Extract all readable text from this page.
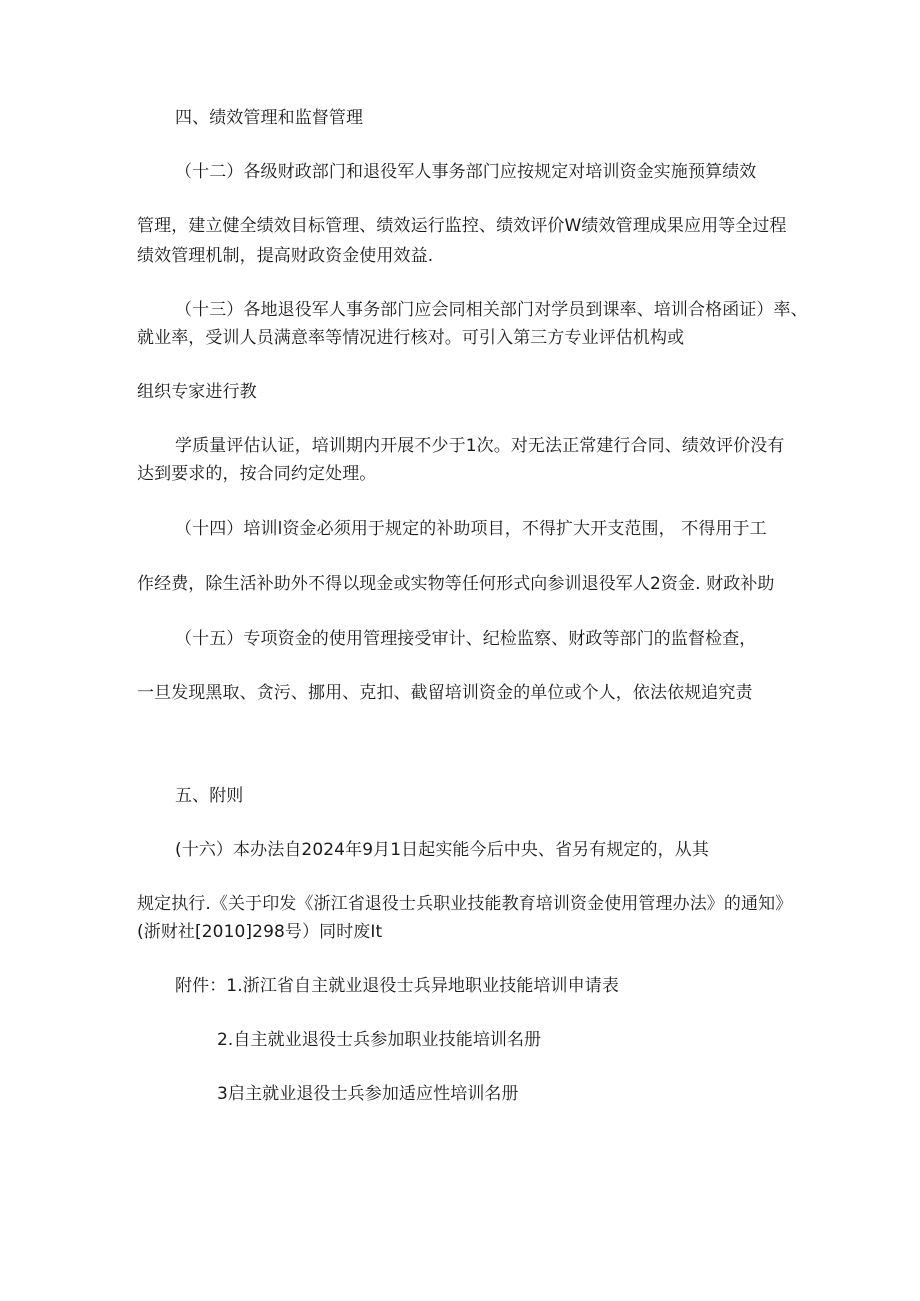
四、绩效管理和监督管理
（十二）各级财政部门和退役军人事务部门应按规定对培训资金实施预算绩效
管理，建立健全绩效目标管理、绩效运行监控、绩效评价W绩效管理成果应用等全过程
绩效管理机制，提高财政资金使用效益.
（十三）各地退役军人事务部门应会同相关部门对学员到课率、培训合格函证）率、
就业率，受训人员满意率等情况进行核对。可引入第三方专业评估机构或
组织专家进行教
学质量评估认证，培训期内开展不少于1次。对无法正常建行合同、绩效评价没有
达到要求的，按合同约定处理。
（十四）培训l资金必须用于规定的补助项目，不得扩大开支范围， 不得用于工
作经费，除生活补助外不得以现金或实物等任何形式向参训退役军人2资金. 财政补助
（十五）专项资金的使用管理接受审计、纪检监察、财政等部门的监督检查，
一旦发现黑取、贪污、挪用、克扣、截留培训资金的单位或个人，依法依规追究责
五、附则
(十六）本办法自2024年9月1日起实能今后中央、省另有规定的，从其
规定执行.《关于印发《浙江省退役士兵职业技能教育培训资金使用管理办法》的通知》
(浙财社[2010]298号）同时废It
附件：1.浙江省自主就业退役士兵异地职业技能培训申请表
2.自主就业退役士兵参加职业技能培训名册
3启主就业退役士兵参加适应性培训名册
